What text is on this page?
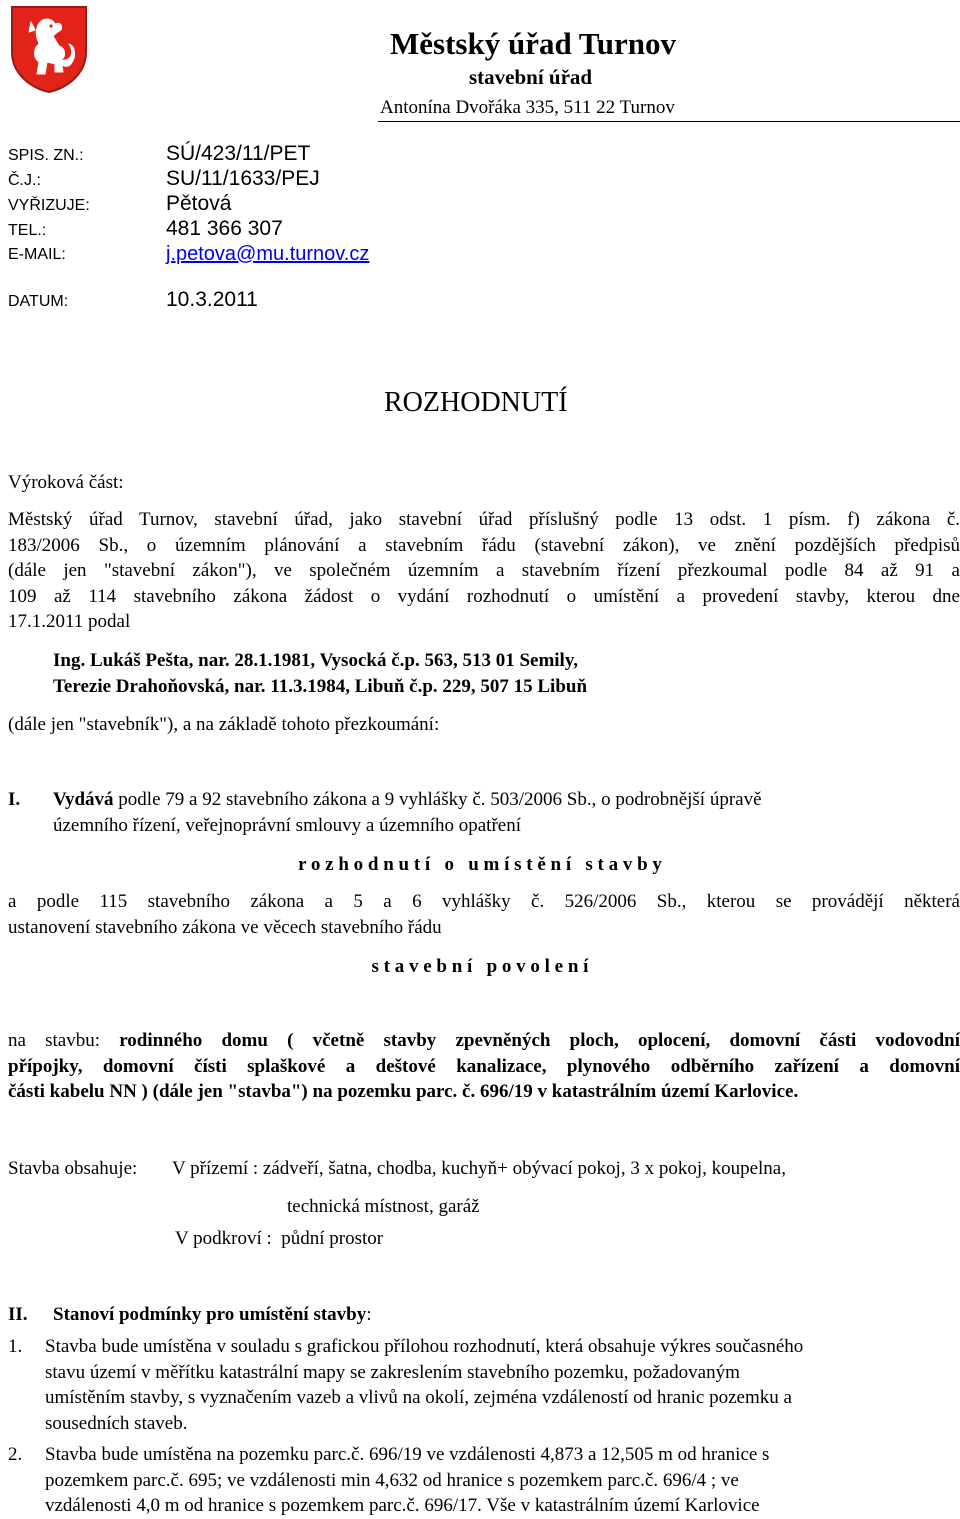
Městský úřad Turnov
stavební úřad
Antonína Dvořáka 335, 511 22 Turnov
SPIS. ZN.:	SÚ/423/11/PET
Č.J.:	SU/11/1633/PEJ
VYŘIZUJE:	Pětová
TEL.:	481 366 307
E-MAIL:	j.petova@mu.turnov.cz
DATUM:	10.3.2011
ROZHODNUTÍ
Výroková část:
Městský úřad Turnov, stavební úřad, jako stavební úřad příslušný podle 13 odst. 1 písm. f) zákona č.
183/2006 Sb., o územním plánování a stavebním řádu (stavební zákon), ve znění pozdějších předpisů
(dále jen "stavební zákon"), ve společném územním a stavebním řízení přezkoumal podle 84 až 91 a
109 až 114 stavebního zákona žádost o vydání rozhodnutí o umístění a provedení stavby, kterou dne
17.1.2011 podal
Ing. Lukáš Pešta, nar. 28.1.1981, Vysocká č.p. 563, 513 01 Semily,
Terezie Drahoňovská, nar. 11.3.1984, Libuň č.p. 229, 507 15 Libuň
(dále jen "stavebník"), a na základě tohoto přezkoumání:
I. Vydává podle 79 a 92 stavebního zákona a 9 vyhlášky č. 503/2006 Sb., o podrobnější úpravě
územního řízení, veřejnoprávní smlouvy a územního opatření
r o z h o d n u t í   o   u m í s t ě n í   s t a v b y
a podle 115 stavebního zákona a 5 a 6 vyhlášky č. 526/2006 Sb., kterou se provádějí některá
ustanovení stavebního zákona ve věcech stavebního řádu
s t a v e b n í   p o v o l e n í
na stavbu: rodinného domu ( včetně stavby zpevněných ploch, oplocení, domovní části vodovodní
přípojky, domovní čísti splaškové a deštové kanalizace, plynového odběrního zařízení a domovní
části kabelu NN ) (dále jen "stavba") na pozemku parc. č. 696/19 v katastrálním území Karlovice.
Stavba obsahuje: V přízemí : zádveří, šatna, chodba, kuchyň+ obývací pokoj, 3 x pokoj, koupelna,
technická místnost, garáž
V podkroví :  půdní prostor
II. Stanoví podmínky pro umístění stavby:
1. Stavba bude umístěna v souladu s grafickou přílohou rozhodnutí, která obsahuje výkres současného
stavu území v měřítku katastrální mapy se zakreslením stavebního pozemku, požadovaným
umístěním stavby, s vyznačením vazeb a vlivů na okolí, zejména vzdáleností od hranic pozemku a
sousedních staveb.
2. Stavba bude umístěna na pozemku parc.č. 696/19 ve vzdálenosti 4,873 a 12,505 m od hranice s
pozemkem parc.č. 695; ve vzdálenosti min 4,632 od hranice s pozemkem parc.č. 696/4 ; ve
vzdálenosti 4,0 m od hranice s pozemkem parc.č. 696/17. Vše v katastrálním území Karlovice
